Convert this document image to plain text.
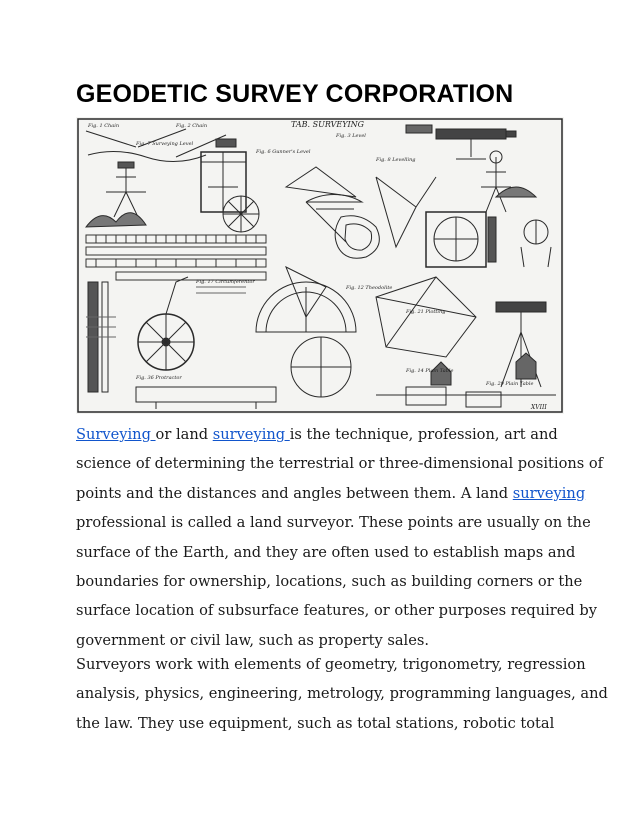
GEODETIC SURVEY CORPORATION
TAB. SURVEYING
Fig. 1 Chain	Fig. 2 Chain
Fig. 3 Level
Fig. 7 Surveying Level
Fig. 6 Gunner's Level
Fig. 8 Levelling
Fig. 12 Theodolite
Fig. 14 Plain Table
Fig. 17 Circumferentor
Fig. 21 Plotting
Fig. 29 Plain Table
Fig. 36 Protractor
XVIII

Surveying or land surveying is the technique, profession, art and
science of determining the terrestrial or three-dimensional positions of
points and the distances and angles between them. A land surveying
professional is called a land surveyor. These points are usually on the
surface of the Earth, and they are often used to establish maps and
boundaries for ownership, locations, such as building corners or the
surface location of subsurface features, or other purposes required by
government or civil law, such as property sales.

Surveyors work with elements of geometry, trigonometry, regression
analysis, physics, engineering, metrology, programming languages, and
the law. They use equipment, such as total stations, robotic total
